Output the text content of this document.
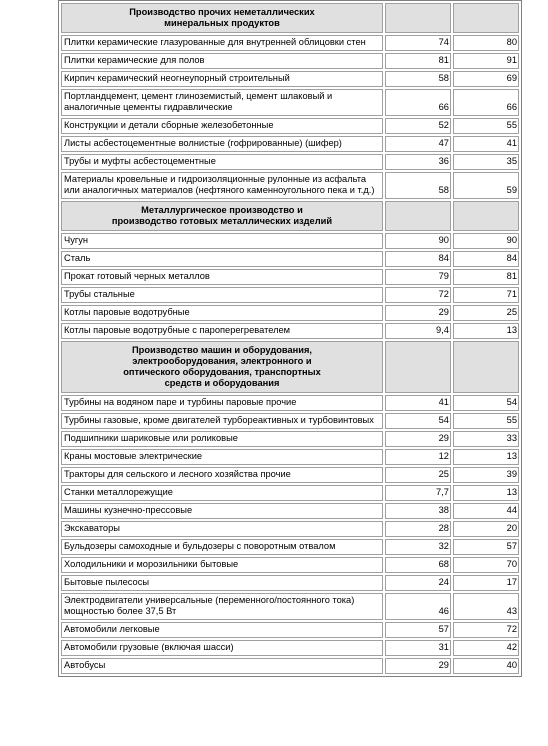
Производство прочих неметаллических
минеральных продуктов		
Плитки керамические глазурованные для внутренней облицовки стен	74	80
Плитки керамические для полов	81	91
Кирпич керамический неогнеупорный строительный	58	69
Портландцемент, цемент глиноземистый, цемент шлаковый и аналогичные цементы гидравлические	66	66
Конструкции и детали сборные железобетонные	52	55
Листы асбестоцементные волнистые (гофрированные) (шифер)	47	41
Трубы и муфты асбестоцементные	36	35
Материалы кровельные и гидроизоляционные рулонные из асфальта или аналогичных материалов (нефтяного каменноугольного пека и т.д.)	58	59
Металлургическое производство и
производство готовых металлических изделий		
Чугун	90	90
Сталь	84	84
Прокат готовый черных металлов	79	81
Трубы стальные	72	71
Котлы паровые водотрубные	29	25
Котлы паровые водотрубные с пароперегревателем	9,4	13
Производство машин и оборудования,
электрооборудования, электронного и
оптического оборудования, транспортных
средств и оборудования		
Турбины на водяном паре и турбины паровые прочие	41	54
Турбины газовые, кроме двигателей турбореактивных и турбовинтовых	54	55
Подшипники шариковые или роликовые	29	33
Краны мостовые электрические	12	13
Тракторы для сельского и лесного хозяйства прочие	25	39
Станки металлорежущие	7,7	13
Машины кузнечно-прессовые	38	44
Экскаваторы	28	20
Бульдозеры самоходные и бульдозеры с поворотным отвалом	32	57
Холодильники и морозильники бытовые	68	70
Бытовые пылесосы	24	17
Электродвигатели универсальные (переменного/постоянного тока) мощностью более 37,5 Вт	46	43
Автомобили легковые	57	72
Автомобили грузовые (включая шасси)	31	42
Автобусы	29	40
